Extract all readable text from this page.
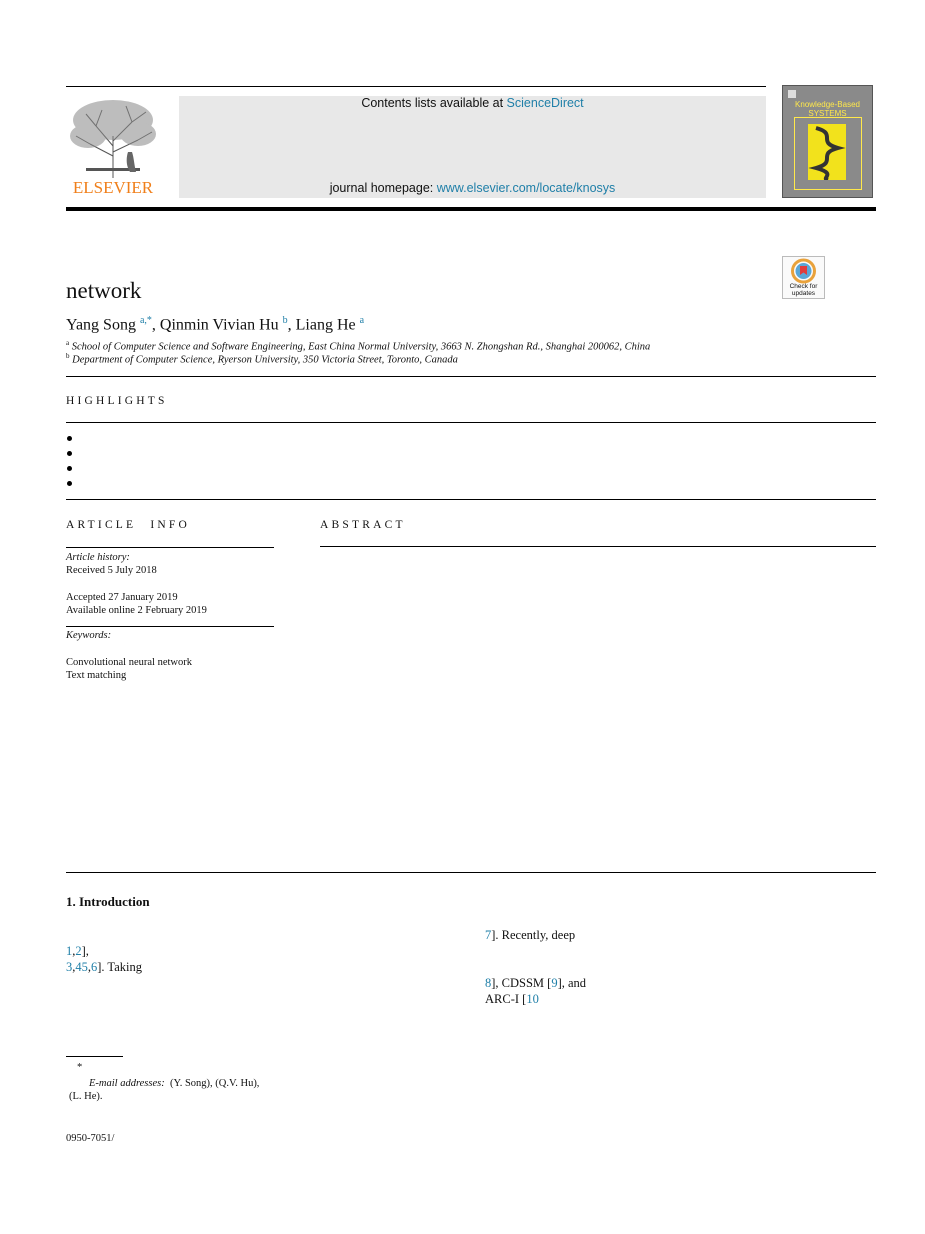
ELSEVIER
Contents lists available at ScienceDirect
journal homepage: www.elsevier.com/locate/knosys
Knowledge-Based
SYSTEMS
Check for
updates
network
Yang Song $^{a,*}$, Qinmin Vivian Hu $^b$, Liang He $^a$
$^a$ School of Computer Science and Software Engineering, East China Normal University, 3663 N. Zhongshan Rd., Shanghai 200062, China
$^b$ Department of Computer Science, Ryerson University, 350 Victoria Street, Toronto, Canada
HIGHLIGHTS
ARTICLE INFO
Article history:
Received 5 July 2018
Accepted 27 January 2019
Available online 2 February 2019
Keywords:
Convolutional neural network
Text matching
ABSTRACT
1. Introduction
1,2],
3,45,6]. Taking
7]. Recently, deep
8], CDSSM [9], and
ARC-I [10
*
E-mail addresses: (Y. Song), (Q.V. Hu),
(L. He).
0950-7051/
